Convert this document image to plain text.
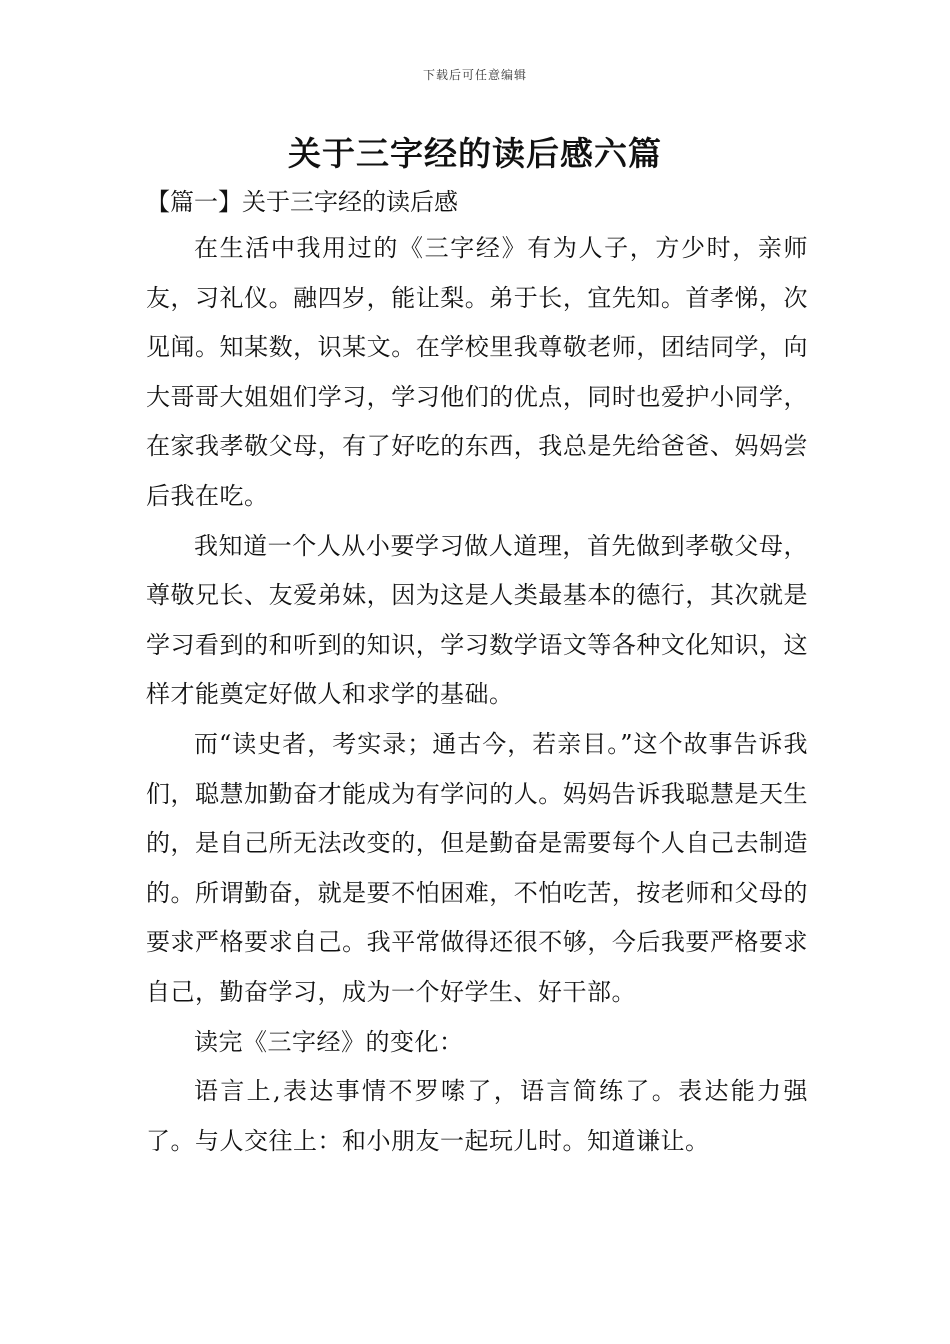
下载后可任意编辑
关于三字经的读后感六篇
【篇一】关于三字经的读后感

在生活中我用过的《三字经》有为人子，方少时，亲师友，习礼仪。融四岁，能让梨。弟于长，宜先知。首孝悌，次见闻。知某数，识某文。在学校里我尊敬老师，团结同学，向大哥哥大姐姐们学习，学习他们的优点，同时也爱护小同学，在家我孝敬父母，有了好吃的东西，我总是先给爸爸、妈妈尝后我在吃。

我知道一个人从小要学习做人道理，首先做到孝敬父母，尊敬兄长、友爱弟妹，因为这是人类最基本的德行，其次就是学习看到的和听到的知识，学习数学语文等各种文化知识，这样才能奠定好做人和求学的基础。

而“读史者，考实录；通古今，若亲目。”这个故事告诉我们，聪慧加勤奋才能成为有学问的人。妈妈告诉我聪慧是天生的，是自己所无法改变的，但是勤奋是需要每个人自己去制造的。所谓勤奋，就是要不怕困难，不怕吃苦，按老师和父母的要求严格要求自己。我平常做得还很不够，今后我要严格要求自己，勤奋学习，成为一个好学生、好干部。

读完《三字经》的变化：

语言上,表达事情不罗嗦了，语言简练了。表达能力强了。与人交往上：和小朋友一起玩儿时。知道谦让。
